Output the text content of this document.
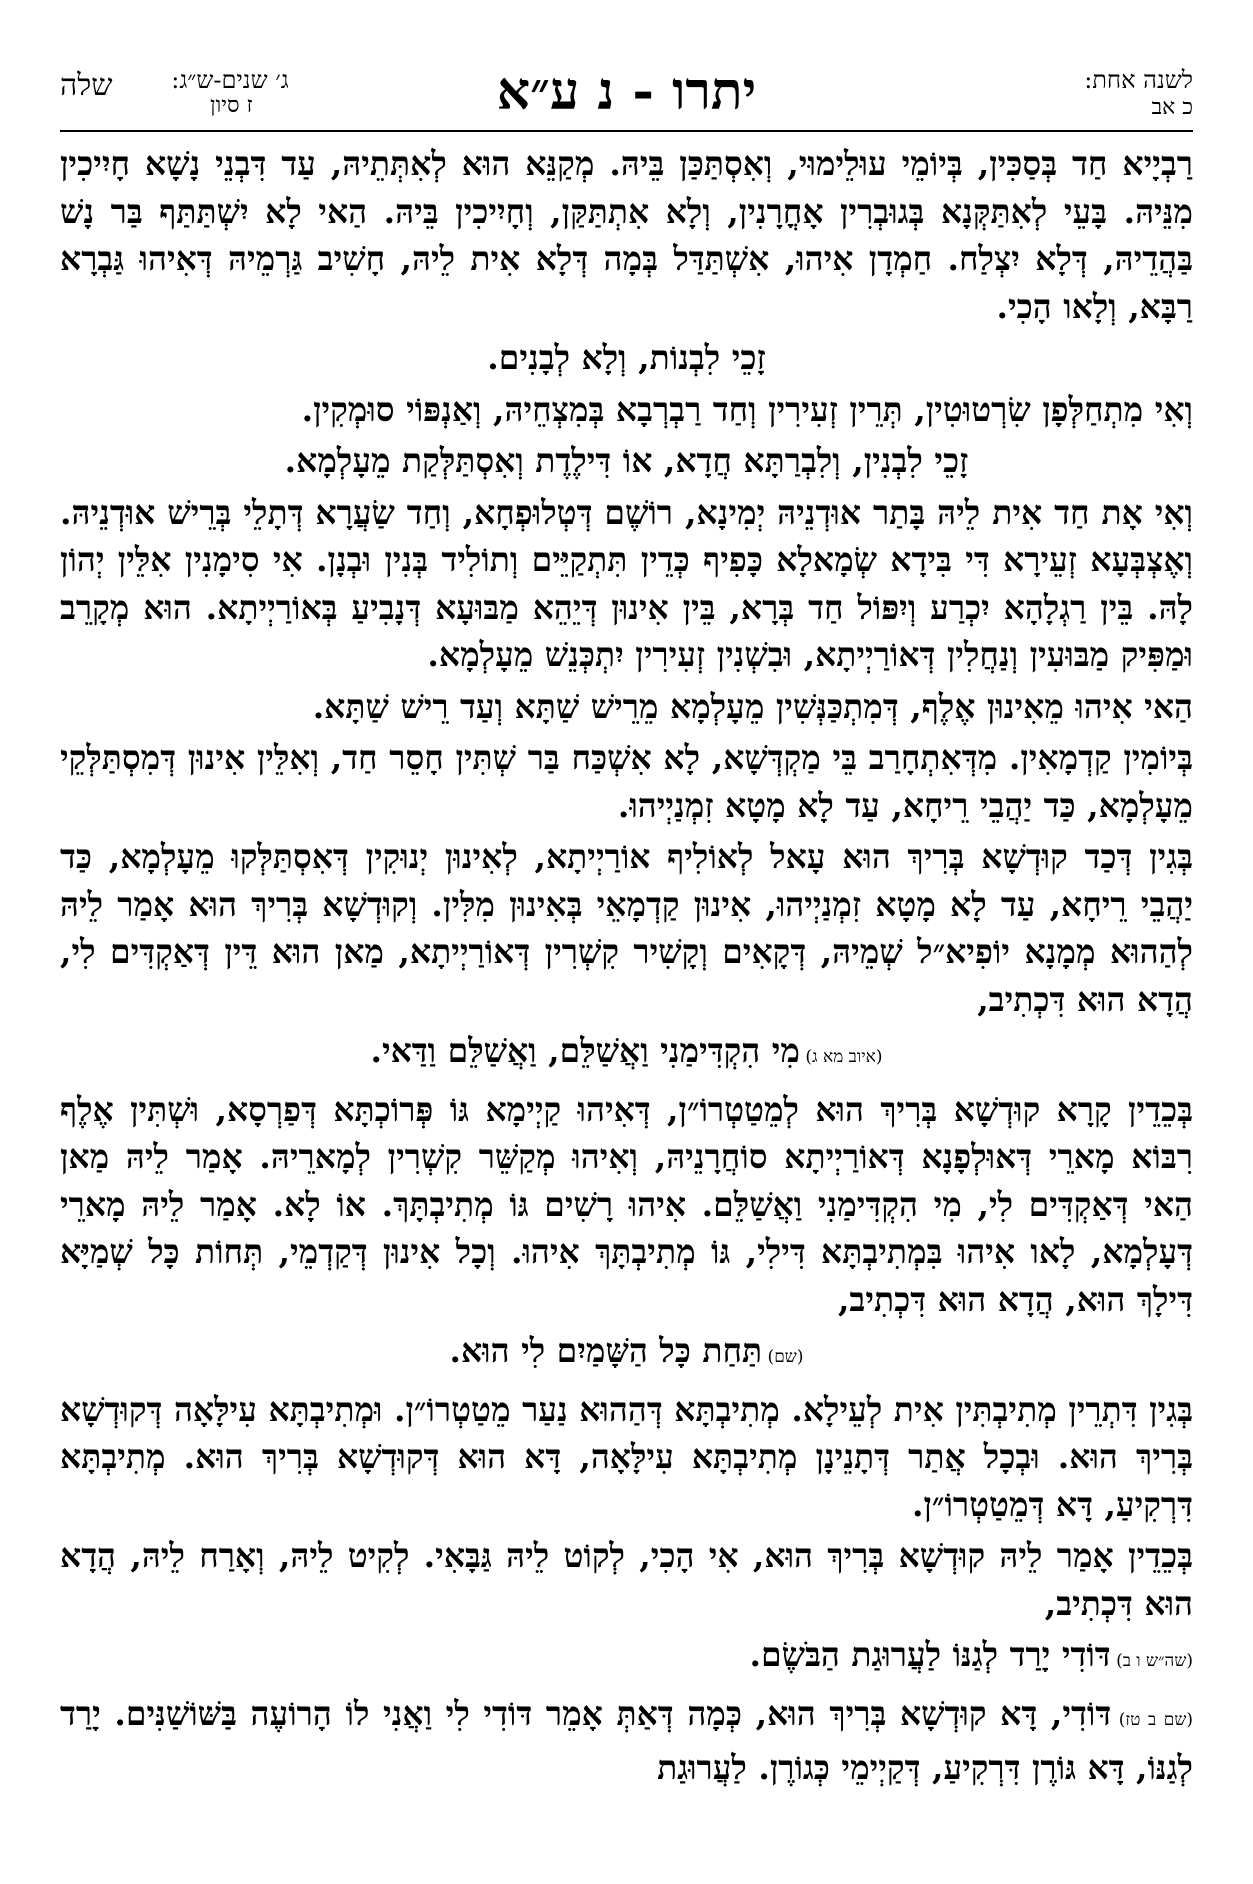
שלה	ג׳ שנים-ש״ג:
ז סיון	יתרו - נ ע״א	לשנה אחת:
כ אב
רַבְיָיא חַד בְּסַכִּין, בְּיוֹמֵי עוּלֵימוּי, וְאִסְתַּכַּן בֵּיהּ. מְקַנֵּא הוּא לְאִתְּתֵיהּ, עַד דִּבְנֵי נָשָׁא חָיִיכִין מִנֵּיהּ. בָּעֵי לְאִתַּקְּנָא בְּגוּבְרִין אָחֳרָנִין, וְלָא אִתְתַּקַּן, וְחָיִיכִין בֵּיהּ. הַאי לָא יִשְׁתַּתַּף בַּר נָשׁ בַּהֲדֵיהּ, דְּלָא יִצְלַח. חַמְדָן אִיהוּ, אִשְׁתַּדַּל בְּמָה דְּלָא אִית לֵיהּ, חָשִׁיב גַּרְמֵיהּ דְּאִיהוּ גַּבְרָא רַבָּא, וְלָאו הָכִי.
זָכֵי לִבְנוֹת, וְלָא לְבָנִים.
וְאִי מִתְחַלְּפָן שִׂרְטוּטִין, תְּרֵין זְעִירִין וְחַד רַבְרְבָא בְּמִצְחֵיהּ, וְאַנְפּוֹי סוּמְקִין.
זָכֵי לִבְנִין, וְלִבְרַתָּא חֲדָא, אוֹ דִּילֶדֶת וְאִסְתַּלְּקַת מֵעָלְמָא.
וְאִי אָת חַד אִית לֵיהּ בָּתַר אוּדְנֵיהּ יְמִינָא, רוֹשֶׁם דְּטְלוּפְחָא, וְחַד שַׂעֲרָא דְּתָלֵי בְּרֵישׁ אוּדְנֵיהּ. וְאֶצְבְּעָא זְעֵירָא דִּי בִּידָא שְׂמָאלָא כָּפִיף כְּדֵין תִּתְקַיֵּים וְתוֹלִיד בְּנִין וּבְנָן. אִי סִימָנִין אִלֵּין יְהוֹן לָהּ. בֵּין רַגְלָהָא יִכְרַע וְיִפּוֹל חַד בְּרָא, בֵּין אִינוּן דְּיֵהֵא מַבּוּעָא דְּנָבִיעַ בְּאוֹרַיְיתָא. הוּא מְקָרֵב וּמַפִּיק מַבּוּעִין וְנַחֲלִין דְּאוֹרַיְיתָא, וּבִשְׁנִין זְעִירִין יִתְכְּנֵשׁ מֵעָלְמָא.
הַאי אִיהוּ מֵאִינוּן אֶלֶף, דְּמִתְכַּנְּשִׁין מֵעָלְמָא מֵרֵישׁ שַׁתָּא וְעַד רֵישׁ שַׁתָּא.
בְּיוֹמִין קַדְמָאִין. מִדְּאִתְחָרַב בֵּי מַקְדְּשָׁא, לָא אִשְׁכַּח בַּר שְׁתִּין חָסֵר חַד, וְאִלֵּין אִינוּן דְּמִסְתַּלְּקֵי מֵעָלְמָא, כַּד יַהֲבֵי רֵיחָא, עַד לָא מָטָא זִמְנַיְיהוּ.
בְּגִין דְּכַד קוּדְשָׁא בְּרִיךְ הוּא עָאל לְאוֹלִיף אוֹרַיְיתָא, לְאִינוּן יְנוּקִין דְּאִסְתַּלְּקוּ מֵעָלְמָא, כַּד יַהֲבֵי רֵיחָא, עַד לָא מָטָא זִמְנַיְיהוּ, אִינוּן קַדְמָאֵי בְּאִינוּן מִלִּין. וְקוּדְשָׁא בְּרִיךְ הוּא אָמַר לֵיהּ לְהַהוּא מְמָנָא יוֹפִיא״ל שְׁמֵיהּ, דְּקָאִים וְקָשִׁיר קִשְׁרִין דְּאוֹרַיְיתָא, מַאן הוּא דֵּין דְּאַקְדִּים לִי, הֲדָא הוּא דִּכְתִיב,
(איוב מא ג) מִי הִקְדִּימַנִי וַאֲשַׁלֵּם, וַאֲשַׁלֵּם וַדַּאי.
בְּכֵדֵין קָרָא קוּדְשָׁא בְּרִיךְ הוּא לְמֵטַטְרוֹ״ן, דְּאִיהוּ קַיְימָא גּוֹ פְּרוֹכְתָּא דְּפַרְסָא, וּשְׁתִּין אֶלֶף רִבּוֹא מָארֵי דְּאוּלְפָנָא דְּאוֹרַיְיתָא סוֹחֲרָנֵיהּ, וְאִיהוּ מְקַשֵּׁר קִשְׁרִין לְמָארֵיהּ. אָמַר לֵיהּ מַאן הַאי דְּאַקְדִּים לִי, מִי הִקְדִּימַנִי וַאֲשַׁלֵּם. אִיהוּ רָשִׁים גּוֹ מְתִיבְתָּךְ. אוֹ לָא. אָמַר לֵיהּ מָארֵי דְּעָלְמָא, לָאו אִיהוּ בִּמְתִיבְתָּא דִּילִי, גּוֹ מְתִיבְתָּךְ אִיהוּ. וְכָל אִינוּן דְּקַדְמֵי, תְּחוֹת כָּל שְׁמַיָּא דִּילָךְ הוּא, הֲדָא הוּא דִּכְתִיב,
(שם) תַּחַת כָּל הַשָּׁמַיִם לִי הוּא.
בְּגִין דִּתְרֵין מְתִיבְתִּין אִית לְעֵילָא. מְתִיבְתָּא דְּהַהוּא נַעַר מֵטַטְרוֹ״ן. וּמְתִיבְתָּא עִילָּאָה דְּקוּדְשָׁא בְּרִיךְ הוּא. וּבְכָל אֲתַר דְּתָנֵינָן מְתִיבְתָּא עִילָּאָה, דָּא הוּא דְּקוּדְשָׁא בְּרִיךְ הוּא. מְתִיבְתָּא דִּרְקִיעַ, דָּא דְּמֵטַטְרוֹ״ן.
בְּכֵדֵין אָמַר לֵיהּ קוּדְשָׁא בְּרִיךְ הוּא, אִי הָכִי, לְקוֹט לֵיהּ גַּבָּאִי. לְקִיט לֵיהּ, וְאָרַח לֵיהּ, הֲדָא הוּא דִּכְתִיב,
(שה״ש ו ב) דּוֹדִי יָרַד לְגַנּוֹ לַעֲרוּגַת הַבֹּשֶׂם.
(שם ב טז) דּוֹדִי, דָּא קוּדְשָׁא בְּרִיךְ הוּא, כְּמָה דְּאַתְּ אָמֵר דּוֹדִי לִי וַאֲנִי לוֹ הָרוֹעֶה בַּשּׁוֹשַׁנִּים. יָרַד לְגַנּוֹ, דָּא גּוֹרֶן דִּרְקִיעַ, דְּקַיְימֵי כְּגוֹרֶן. לַעֲרוּגַת
